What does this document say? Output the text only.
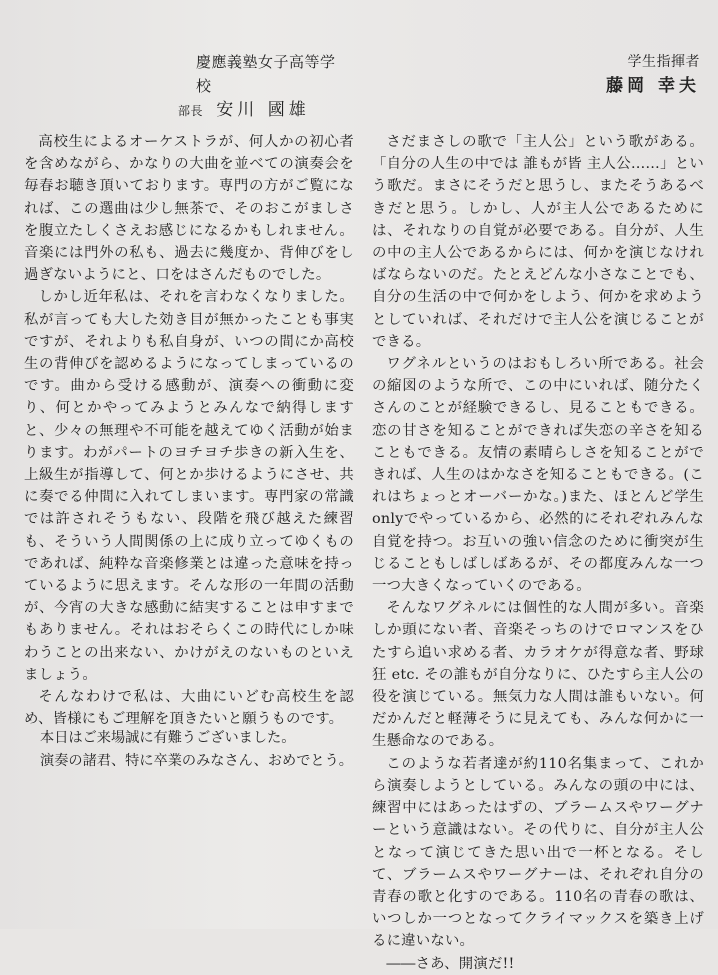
慶應義塾女子高等学校
部長 安川 國雄
学生指揮者
藤岡 幸夫

高校生によるオーケストラが、何人かの初心者を含めながら、かなりの大曲を並べての演奏会を毎春お聴き頂いております。専門の方がご覧になれば、この選曲は少し無茶で、そのおこがましさを腹立たしくさえお感じになるかもしれません。音楽には門外の私も、過去に幾度か、背伸びをし過ぎないようにと、口をはさんだものでした。

しかし近年私は、それを言わなくなりました。私が言っても大した効き目が無かったことも事実ですが、それよりも私自身が、いつの間にか高校生の背伸びを認めるようになってしまっているのです。曲から受ける感動が、演奏への衝動に変り、何とかやってみようとみんなで納得しますと、少々の無理や不可能を越えてゆく活動が始まります。わがパートのヨチヨチ歩きの新入生を、上級生が指導して、何とか歩けるようにさせ、共に奏でる仲間に入れてしまいます。専門家の常識では許されそうもない、段階を飛び越えた練習も、そういう人間関係の上に成り立ってゆくものであれば、純粋な音楽修業とは違った意味を持っているように思えます。そんな形の一年間の活動が、今宵の大きな感動に結実することは申すまでもありません。それはおそらくこの時代にしか味わうことの出来ない、かけがえのないものといえましょう。

そんなわけで私は、大曲にいどむ高校生を認め、皆様にもご理解を頂きたいと願うものです。

本日はご来場誠に有難うございました。

演奏の諸君、特に卒業のみなさん、おめでとう。

さだまさしの歌で「主人公」という歌がある。「自分の人生の中では 誰もが皆 主人公……」という歌だ。まさにそうだと思うし、またそうあるべきだと思う。しかし、人が主人公であるためには、それなりの自覚が必要である。自分が、人生の中の主人公であるからには、何かを演じなければならないのだ。たとえどんな小さなことでも、自分の生活の中で何かをしよう、何かを求めようとしていれば、それだけで主人公を演じることができる。

ワグネルというのはおもしろい所である。社会の縮図のような所で、この中にいれば、随分たくさんのことが経験できるし、見ることもできる。恋の甘さを知ることができれば失恋の辛さを知ることもできる。友情の素晴らしさを知ることができれば、人生のはかなさを知ることもできる。(これはちょっとオーバーかな。)また、ほとんど学生onlyでやっているから、必然的にそれぞれみんな自覚を持つ。お互いの強い信念のために衝突が生じることもしばしばあるが、その都度みんな一つ一つ大きくなっていくのである。

そんなワグネルには個性的な人間が多い。音楽しか頭にない者、音楽そっちのけでロマンスをひたすら追い求める者、カラオケが得意な者、野球狂 etc. その誰もが自分なりに、ひたすら主人公の役を演じている。無気力な人間は誰もいない。何だかんだと軽薄そうに見えても、みんな何かに一生懸命なのである。

このような若者達が約110名集まって、これから演奏しようとしている。みんなの頭の中には、練習中にはあったはずの、ブラームスやワーグナーという意識はない。その代りに、自分が主人公となって演じてきた思い出で一杯となる。そして、ブラームスやワーグナーは、それぞれ自分の青春の歌と化すのである。110名の青春の歌は、いつしか一つとなってクライマックスを築き上げるに違いない。

――さあ、開演だ!!
